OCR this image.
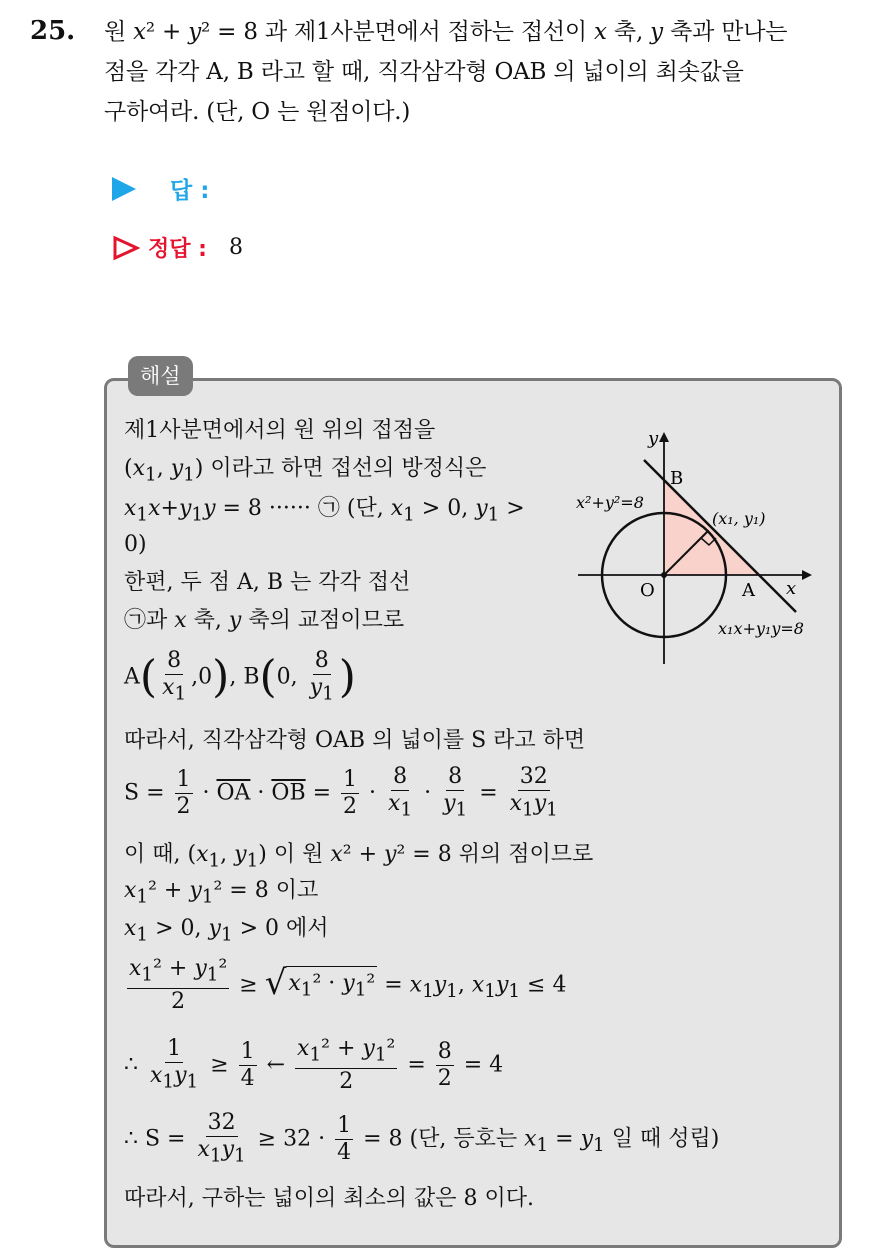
25. 원 x² + y² = 8 과 제1사분면에서 접하는 접선이 x 축, y 축과 만나는
점을 각각 A, B 라고 할 때, 직각삼각형 OAB 의 넓이의 최솟값을
구하여라. (단, O 는 원점이다.)
답 :
정답 : 8
해설
제1사분면에서의 원 위의 접점을
($x_1$, $y_1$) 이라고 하면 접선의 방정식은
$x_1x+y_1y = 8$ ······ ㉠ (단, $x_1 > 0$, $y_1$ >
0)
한편, 두 점 A, B 는 각각 접선
㉠과 x 축, y 축의 교점이므로
$A( \frac{8}{x_1} ,0)$, B(0, $\frac{8}{y_1}$ )
따라서, 직각삼각형 OAB 의 넓이를 S 라고 하면
$S = \frac{1}{2} \cdot \overline{OA} \cdot \overline{OB} = \frac{1}{2} \cdot \frac{8}{x_1} \cdot \frac{8}{y_1} = \frac{32}{x_1y_1}$
이 때, ($x_1$, $y_1$) 이 원 x² + y² = 8 위의 점이므로
$x_1^2 + y_1^2 = 8$ 이고
$x_1 > 0$, $y_1 > 0$ 에서
$\frac{x_1^2 + y_1^2}{2}$ ≥ √ $x_1^2 \cdot y_1^2 = x_1y_1$, $x_1y_1 \le 4$
∴ $\frac{1}{x_1y_1} \ge \frac{1}{4}$ ← $\frac{x_1^2 + y_1^2}{2} = \frac{8}{2} = 4$
∴ $S = \frac{32}{x_1y_1} \ge 32 \cdot \frac{1}{4} = 8$ (단, 등호는 $x_1 = y_1$ 일 때 성립)
따라서, 구하는 넓이의 최소의 값은 8 이다.
y
x
B
A
O
x²+y²=8
(x₁, y₁)
x₁x+y₁y=8
